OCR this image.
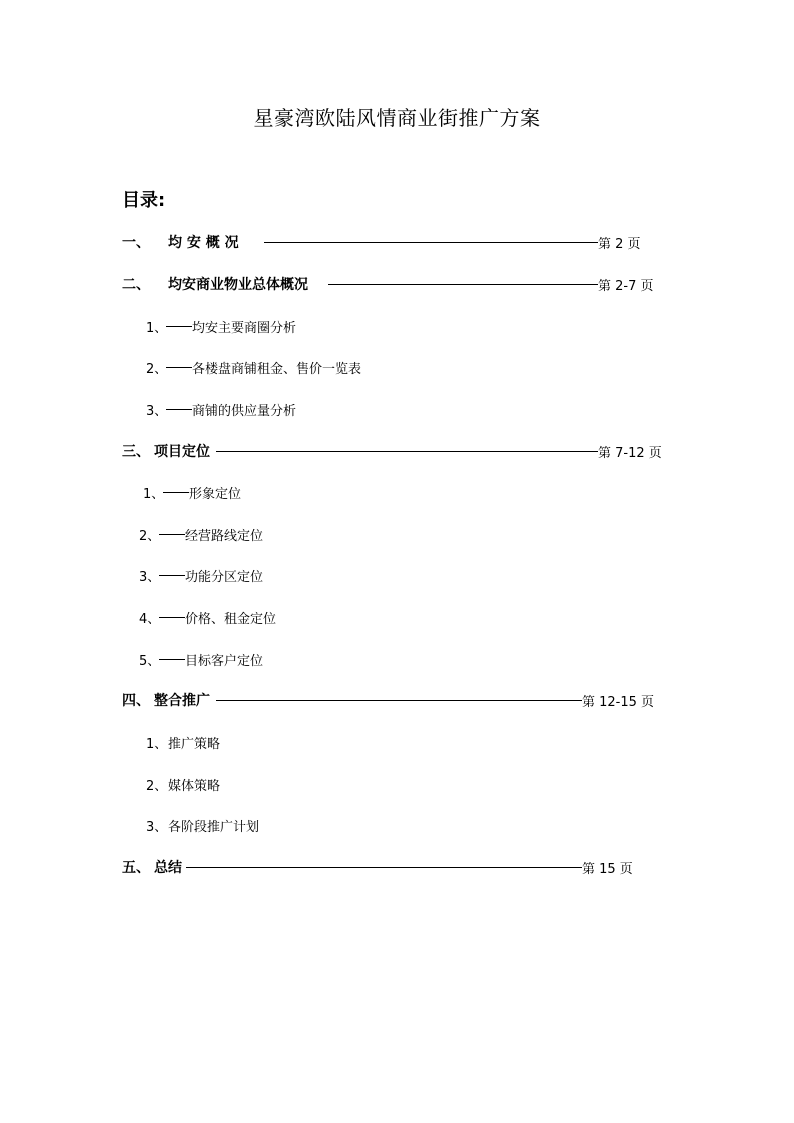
星豪湾欧陆风情商业街推广方案
目录:
一、	均 安 概 况	第 2 页
二、	均安商业物业总体概况	第 2-7 页
1、 均安主要商圈分析
2、 各楼盘商铺租金、售价一览表
3、 商铺的供应量分析
三、 项目定位	第 7-12 页
1、 形象定位
2、 经营路线定位
3、 功能分区定位
4、 价格、租金定位
5、 目标客户定位
四、 整合推广	第 12-15 页
1、 推广策略
2、 媒体策略
3、 各阶段推广计划
五、 总结	第 15 页
